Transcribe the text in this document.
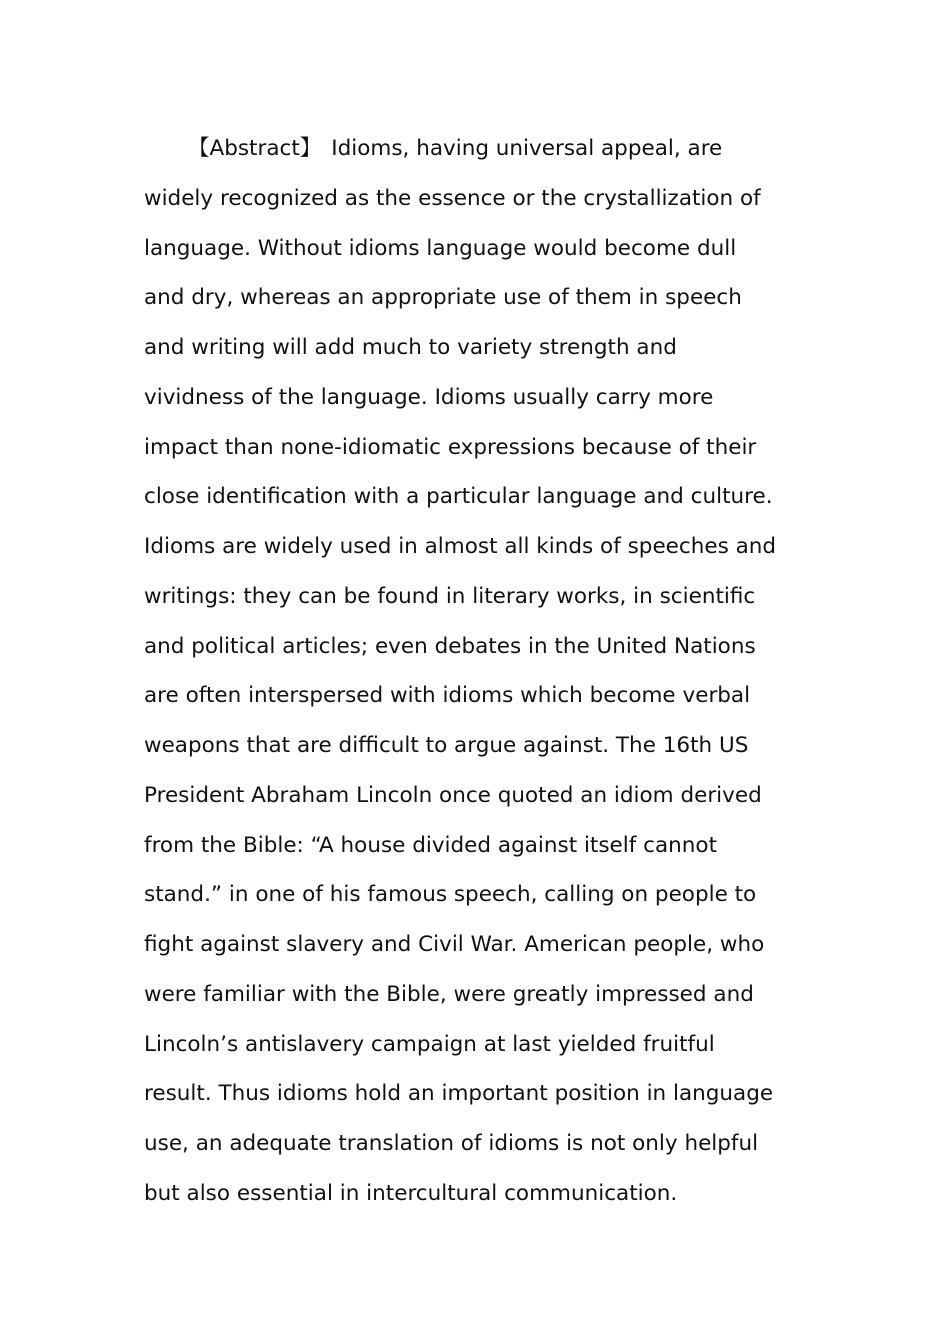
【Abstract】 Idioms, having universal appeal, are
widely recognized as the essence or the crystallization of
language. Without idioms language would become dull
and dry, whereas an appropriate use of them in speech
and writing will add much to variety strength and
vividness of the language. Idioms usually carry more
impact than none-idiomatic expressions because of their
close identification with a particular language and culture.
Idioms are widely used in almost all kinds of speeches and
writings: they can be found in literary works, in scientific
and political articles; even debates in the United Nations
are often interspersed with idioms which become verbal
weapons that are difficult to argue against. The 16th US
President Abraham Lincoln once quoted an idiom derived
from the Bible: “A house divided against itself cannot
stand.” in one of his famous speech, calling on people to
fight against slavery and Civil War. American people, who
were familiar with the Bible, were greatly impressed and
Lincoln’s antislavery campaign at last yielded fruitful
result. Thus idioms hold an important position in language
use, an adequate translation of idioms is not only helpful
but also essential in intercultural communication.
